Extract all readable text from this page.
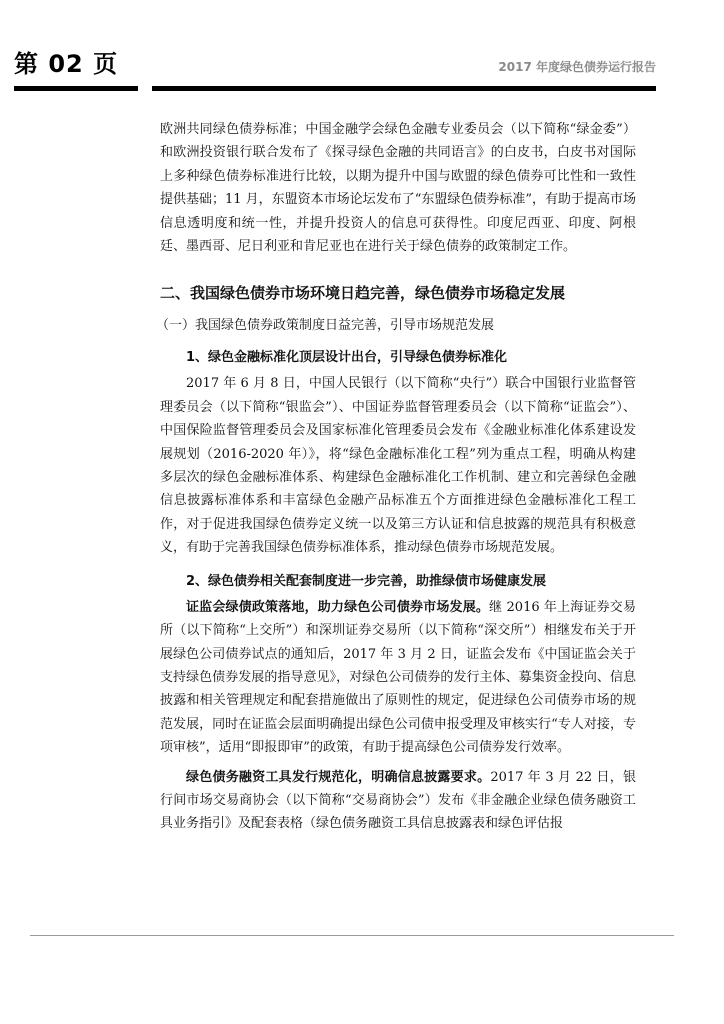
第 02 页	2017 年度绿色债券运行报告

欧洲共同绿色债券标准；中国金融学会绿色金融专业委员会（以下简称“绿金委”）和欧洲投资银行联合发布了《探寻绿色金融的共同语言》的白皮书，白皮书对国际上多种绿色债券标准进行比较，以期为提升中国与欧盟的绿色债券可比性和一致性提供基础；11 月，东盟资本市场论坛发布了“东盟绿色债券标准”，有助于提高市场信息透明度和统一性，并提升投资人的信息可获得性。印度尼西亚、印度、阿根廷、墨西哥、尼日利亚和肯尼亚也在进行关于绿色债券的政策制定工作。

二、我国绿色债券市场环境日趋完善，绿色债券市场稳定发展
（一）我国绿色债券政策制度日益完善，引导市场规范发展
1、绿色金融标准化顶层设计出台，引导绿色债券标准化

2017 年 6 月 8 日，中国人民银行（以下简称“央行”）联合中国银行业监督管理委员会（以下简称“银监会”）、中国证券监督管理委员会（以下简称“证监会”）、中国保险监督管理委员会及国家标准化管理委员会发布《金融业标准化体系建设发展规划（2016-2020 年）》，将“绿色金融标准化工程”列为重点工程，明确从构建多层次的绿色金融标准体系、构建绿色金融标准化工作机制、建立和完善绿色金融信息披露标准体系和丰富绿色金融产品标准五个方面推进绿色金融标准化工程工作，对于促进我国绿色债券定义统一以及第三方认证和信息披露的规范具有积极意义，有助于完善我国绿色债券标准体系，推动绿色债券市场规范发展。

2、绿色债券相关配套制度进一步完善，助推绿债市场健康发展

证监会绿债政策落地，助力绿色公司债券市场发展。继 2016 年上海证券交易所（以下简称“上交所”）和深圳证券交易所（以下简称“深交所”）相继发布关于开展绿色公司债券试点的通知后，2017 年 3 月 2 日，证监会发布《中国证监会关于支持绿色债券发展的指导意见》，对绿色公司债券的发行主体、募集资金投向、信息披露和相关管理规定和配套措施做出了原则性的规定，促进绿色公司债券市场的规范发展，同时在证监会层面明确提出绿色公司债申报受理及审核实行“专人对接，专项审核”，适用“即报即审”的政策，有助于提高绿色公司债券发行效率。

绿色债务融资工具发行规范化，明确信息披露要求。2017 年 3 月 22 日，银行间市场交易商协会（以下简称“交易商协会”）发布《非金融企业绿色债务融资工具业务指引》及配套表格（绿色债务融资工具信息披露表和绿色评估报
